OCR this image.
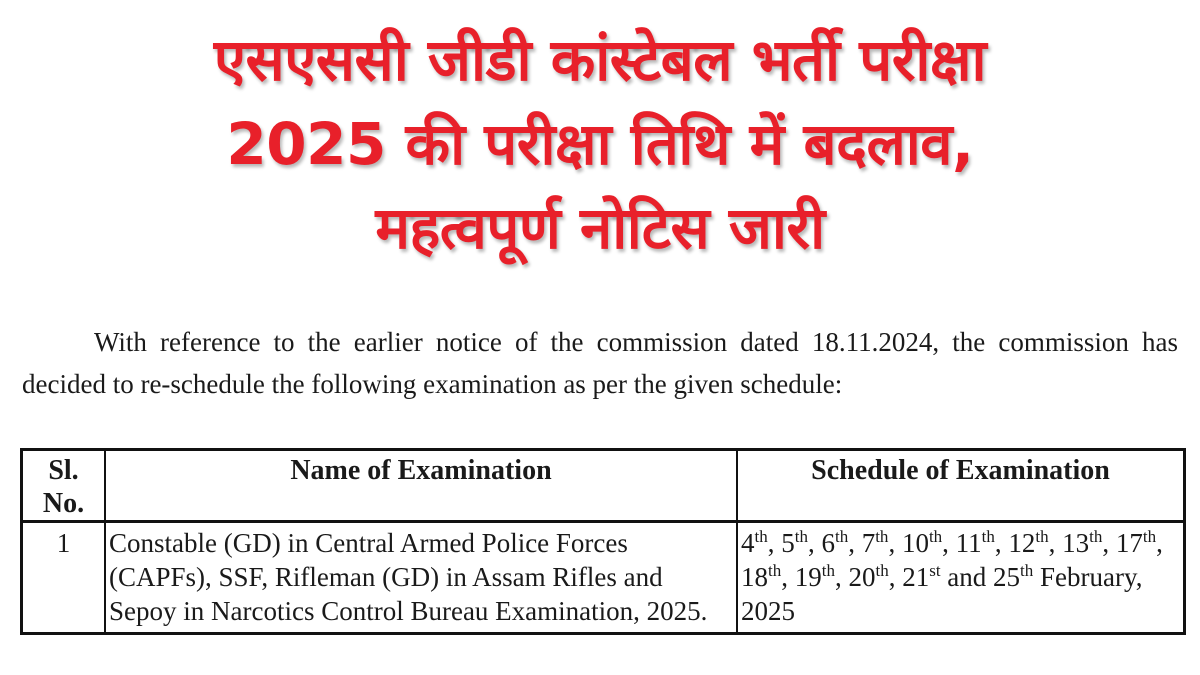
एसएससी जीडी कांस्टेबल भर्ती परीक्षा
2025 की परीक्षा तिथि में बदलाव,
महत्वपूर्ण नोटिस जारी

With reference to the earlier notice of the commission dated 18.11.2024, the commission has decided to re-schedule the following examination as per the given schedule:

Sl. No.	Name of Examination	Schedule of Examination
1	Constable (GD) in Central Armed Police Forces (CAPFs), SSF, Rifleman (GD) in Assam Rifles and Sepoy in Narcotics Control Bureau Examination, 2025.	4th, 5th, 6th, 7th, 10th, 11th, 12th, 13th, 17th, 18th, 19th, 20th, 21st and 25th February, 2025
